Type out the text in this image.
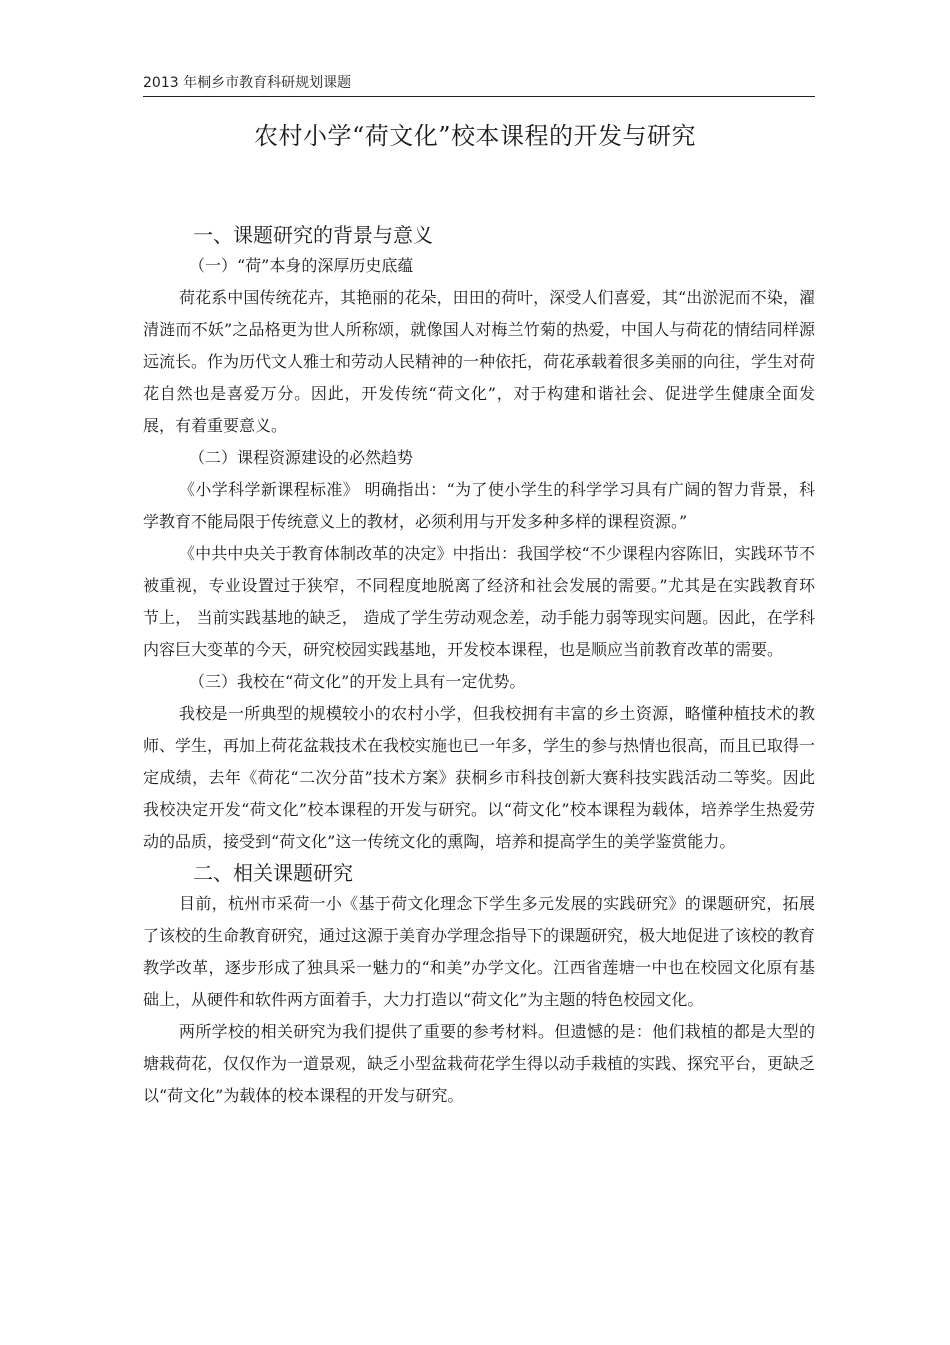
2013 年桐乡市教育科研规划课题
农村小学“荷文化”校本课程的开发与研究
一、课题研究的背景与意义
（一）“荷”本身的深厚历史底蕴

荷花系中国传统花卉，其艳丽的花朵，田田的荷叶，深受人们喜爱，其“出淤泥而不染，濯清涟而不妖”之品格更为世人所称颂，就像国人对梅兰竹菊的热爱，中国人与荷花的情结同样源远流长。作为历代文人雅士和劳动人民精神的一种依托，荷花承载着很多美丽的向往，学生对荷花自然也是喜爱万分。因此，开发传统“荷文化”，对于构建和谐社会、促进学生健康全面发展，有着重要意义。

（二）课程资源建设的必然趋势

《小学科学新课程标准》 明确指出：“为了使小学生的科学学习具有广阔的智力背景，科学教育不能局限于传统意义上的教材，必须利用与开发多种多样的课程资源。”

《中共中央关于教育体制改革的决定》中指出：我国学校“不少课程内容陈旧，实践环节不被重视，专业设置过于狭窄，不同程度地脱离了经济和社会发展的需要。”尤其是在实践教育环节上， 当前实践基地的缺乏， 造成了学生劳动观念差，动手能力弱等现实问题。因此，在学科内容巨大变革的今天，研究校园实践基地，开发校本课程，也是顺应当前教育改革的需要。

（三）我校在“荷文化”的开发上具有一定优势。

我校是一所典型的规模较小的农村小学，但我校拥有丰富的乡土资源，略懂种植技术的教师、学生，再加上荷花盆栽技术在我校实施也已一年多，学生的参与热情也很高，而且已取得一定成绩，去年《荷花“二次分苗”技术方案》获桐乡市科技创新大赛科技实践活动二等奖。因此我校决定开发“荷文化”校本课程的开发与研究。以“荷文化”校本课程为载体，培养学生热爱劳动的品质，接受到“荷文化”这一传统文化的熏陶，培养和提高学生的美学鉴赏能力。

二、相关课题研究

目前，杭州市采荷一小《基于荷文化理念下学生多元发展的实践研究》的课题研究，拓展了该校的生命教育研究，通过这源于美育办学理念指导下的课题研究，极大地促进了该校的教育教学改革，逐步形成了独具采一魅力的“和美”办学文化。江西省莲塘一中也在校园文化原有基础上，从硬件和软件两方面着手，大力打造以“荷文化”为主题的特色校园文化。

两所学校的相关研究为我们提供了重要的参考材料。但遗憾的是：他们栽植的都是大型的塘栽荷花，仅仅作为一道景观，缺乏小型盆栽荷花学生得以动手栽植的实践、探究平台，更缺乏以“荷文化”为载体的校本课程的开发与研究。
